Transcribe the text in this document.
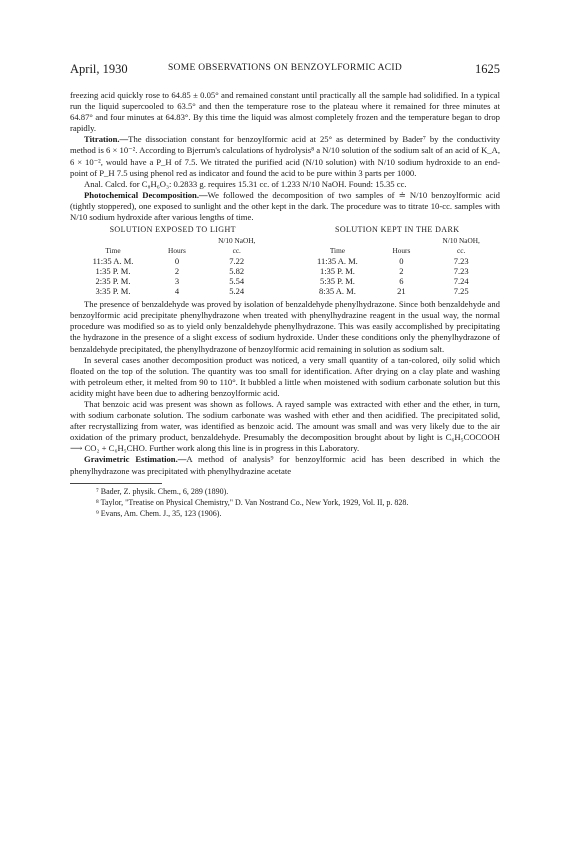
April, 1930	SOME OBSERVATIONS ON BENZOYLFORMIC ACID	1625

freezing acid quickly rose to 64.85 ± 0.05° and remained constant until practically all the sample had solidified. In a typical run the liquid supercooled to 63.5° and then the temperature rose to the plateau where it remained for three minutes at 64.87° and four minutes at 64.83°. By this time the liquid was almost completely frozen and the temperature began to drop rapidly.

Titration.—The dissociation constant for benzoylformic acid at 25° as determined by Bader⁷ by the conductivity method is 6 × 10⁻². According to Bjerrum's calculations of hydrolysis⁸ a N/10 solution of the sodium salt of an acid of K_A, 6 × 10⁻², would have a P_H of 7.5. We titrated the purified acid (N/10 solution) with N/10 sodium hydroxide to an end-point of P_H 7.5 using phenol red as indicator and found the acid to be pure within 3 parts per 1000.

Anal. Calcd. for C₈H₆O₃: 0.2833 g. requires 15.31 cc. of 1.233 N/10 NaOH. Found: 15.35 cc.

Photochemical Decomposition.—We followed the decomposition of two samples of ≐ N/10 benzoylformic acid (tightly stoppered), one exposed to sunlight and the other kept in the dark. The procedure was to titrate 10-cc. samples with N/10 sodium hydroxide after various lengths of time.

SOLUTION EXPOSED TO LIGHT				SOLUTION KEPT IN THE DARK		
		N/10 NaOH,				N/10 NaOH,
Time	Hours	cc.		Time	Hours	cc.
11:35 A. M.	0	7.22		11:35 A. M.	0	7.23
1:35 P. M.	2	5.82		1:35 P. M.	2	7.23
2:35 P. M.	3	5.54		5:35 P. M.	6	7.24
3:35 P. M.	4	5.24		8:35 A. M.	21	7.25

The presence of benzaldehyde was proved by isolation of benzaldehyde phenylhydrazone. Since both benzaldehyde and benzoylformic acid precipitate phenylhydrazone when treated with phenylhydrazine reagent in the usual way, the normal procedure was modified so as to yield only benzaldehyde phenylhydrazone. This was easily accomplished by precipitating the hydrazone in the presence of a slight excess of sodium hydroxide. Under these conditions only the phenylhydrazone of benzaldehyde precipitated, the phenylhydrazone of benzoylformic acid remaining in solution as sodium salt.

In several cases another decomposition product was noticed, a very small quantity of a tan-colored, oily solid which floated on the top of the solution. The quantity was too small for identification. After drying on a clay plate and washing with petroleum ether, it melted from 90 to 110°. It bubbled a little when moistened with sodium carbonate solution but this acidity might have been due to adhering benzoylformic acid.

That benzoic acid was present was shown as follows. A rayed sample was extracted with ether and the ether, in turn, with sodium carbonate solution. The sodium carbonate was washed with ether and then acidified. The precipitated solid, after recrystallizing from water, was identified as benzoic acid. The amount was small and was very likely due to the air oxidation of the primary product, benzaldehyde. Presumably the decomposition brought about by light is C₆H₅COCOOH ⟶ CO₂ + C₆H₅CHO. Further work along this line is in progress in this Laboratory.

Gravimetric Estimation.—A method of analysis⁹ for benzoylformic acid has been described in which the phenylhydrazone was precipitated with phenylhydrazine acetate

⁷ Bader, Z. physik. Chem., 6, 289 (1890).
⁸ Taylor, "Treatise on Physical Chemistry," D. Van Nostrand Co., New York, 1929, Vol. II, p. 828.
⁹ Evans, Am. Chem. J., 35, 123 (1906).
